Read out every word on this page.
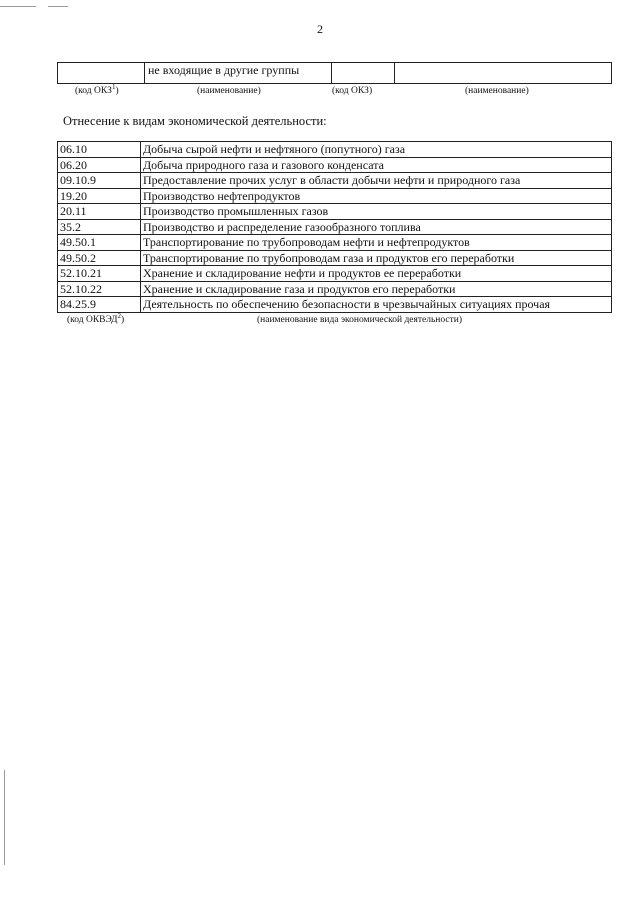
2
	не входящие в другие группы		
(код ОКЗ$^1$)	(наименование)	(код ОКЗ)	(наименование)
Отнесение к видам экономической деятельности:
06.10	Добыча сырой нефти и нефтяного (попутного) газа
06.20	Добыча природного газа и газового конденсата
09.10.9	Предоставление прочих услуг в области добычи нефти и природного газа
19.20	Производство нефтепродуктов
20.11	Производство промышленных газов
35.2	Производство и распределение газообразного топлива
49.50.1	Транспортирование по трубопроводам нефти и нефтепродуктов
49.50.2	Транспортирование по трубопроводам газа и продуктов его переработки
52.10.21	Хранение и складирование нефти и продуктов ее переработки
52.10.22	Хранение и складирование газа и продуктов его переработки
84.25.9	Деятельность по обеспечению безопасности в чрезвычайных ситуациях прочая
(код ОКВЭД$^2$)	(наименование вида экономической деятельности)
